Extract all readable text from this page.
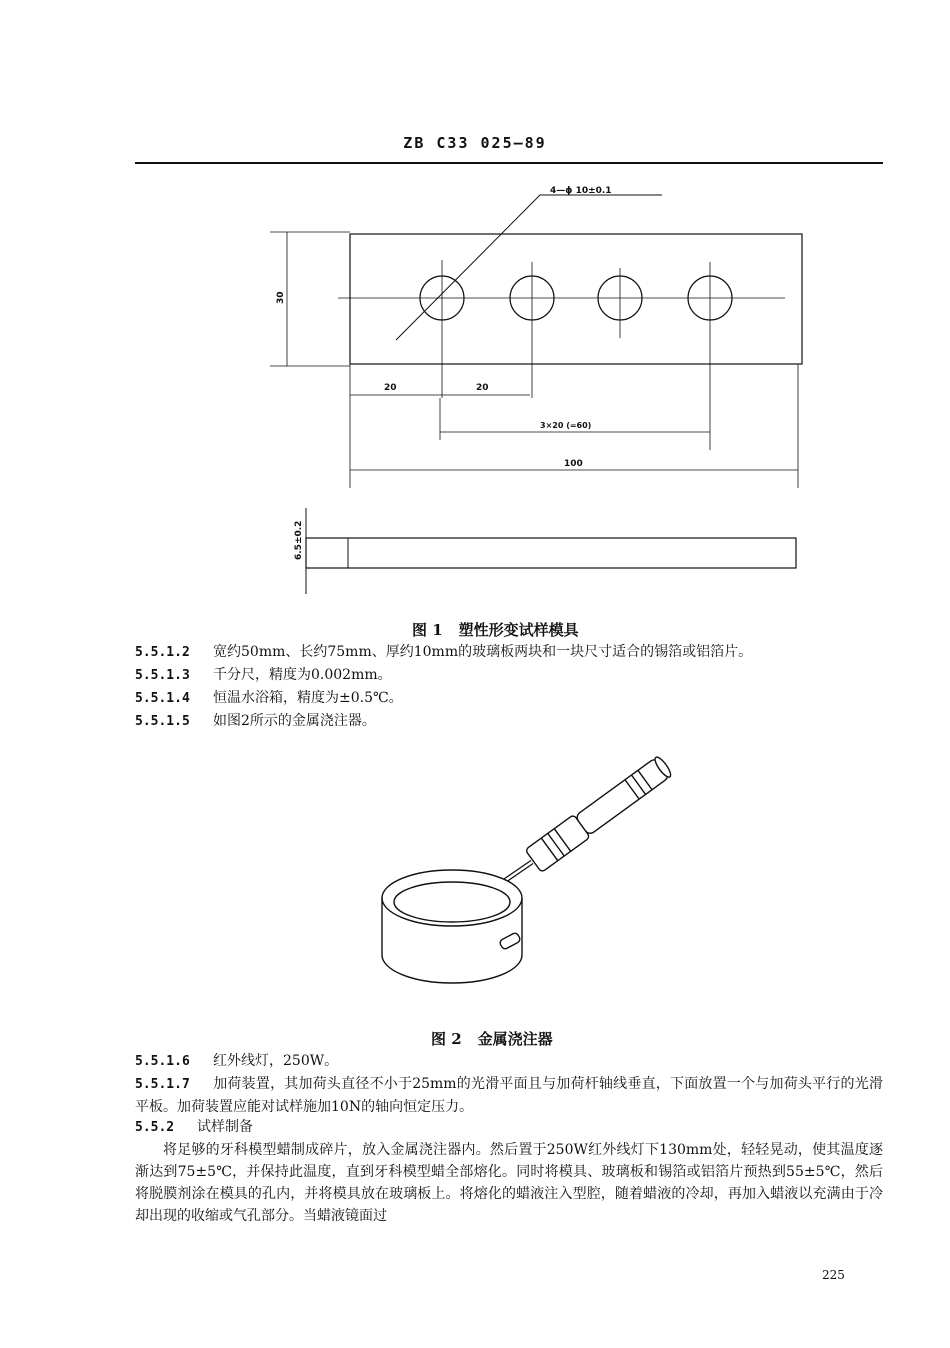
ZB C33 025—89
4—ϕ 10±0.1
30
20	20
3×20 (=60)
100
6.5±0.2
图 1 塑性形变试样模具
5.5.1.2 宽约50mm、长约75mm、厚约10mm的玻璃板两块和一块尺寸适合的锡箔或铝箔片。
5.5.1.3 千分尺，精度为0.002mm。
5.5.1.4 恒温水浴箱，精度为±0.5℃。
5.5.1.5 如图2所示的金属浇注器。
图 2 金属浇注器
5.5.1.6 红外线灯，250W。
5.5.1.7 加荷装置，其加荷头直径不小于25mm的光滑平面且与加荷杆轴线垂直，下面放置一个与加荷头平行的光滑平板。加荷装置应能对试样施加10N的轴向恒定压力。
5.5.2 试样制备
将足够的牙科模型蜡制成碎片，放入金属浇注器内。然后置于250W红外线灯下130mm处，轻轻晃动，使其温度逐渐达到75±5℃，并保持此温度，直到牙科模型蜡全部熔化。同时将模具、玻璃板和锡箔或铝箔片预热到55±5℃，然后将脱膜剂涂在模具的孔内，并将模具放在玻璃板上。将熔化的蜡液注入型腔，随着蜡液的冷却，再加入蜡液以充满由于冷却出现的收缩或气孔部分。当蜡液镜面过
225
